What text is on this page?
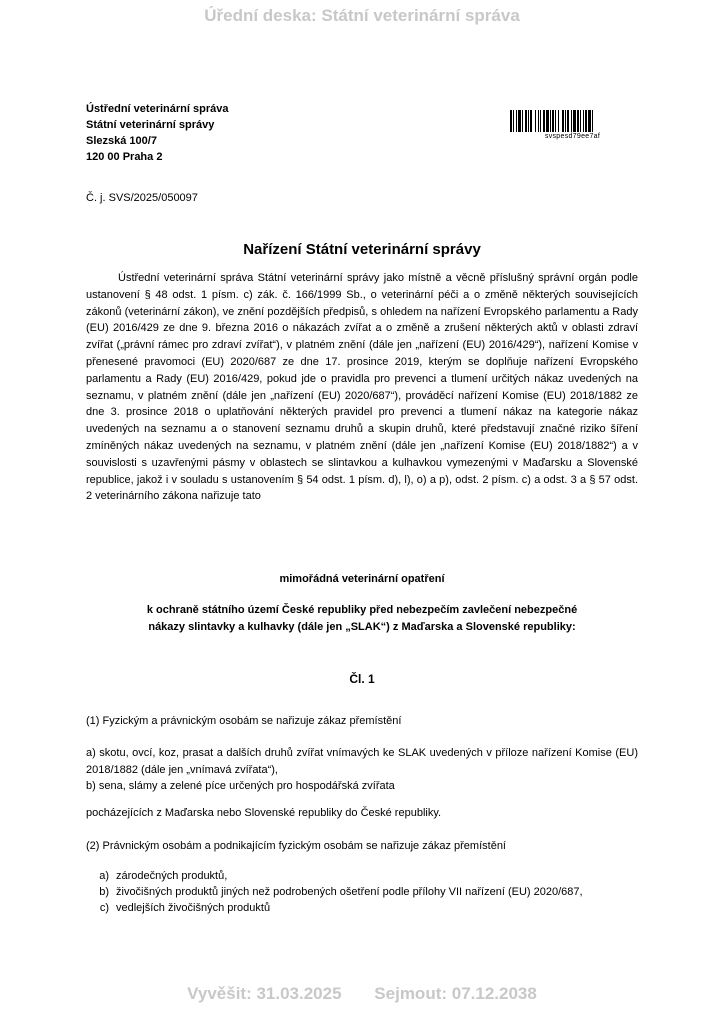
Úřední deska: Státní veterinární správa
Ústřední veterinární správa
Státní veterinární správy
Slezská 100/7
120 00 Praha 2
svspesd79ee7af
Č. j. SVS/2025/050097
Nařízení Státní veterinární správy

Ústřední veterinární správa Státní veterinární správy jako místně a věcně příslušný správní orgán podle ustanovení § 48 odst. 1 písm. c) zák. č. 166/1999 Sb., o veterinární péči a o změně některých souvisejících zákonů (veterinární zákon), ve znění pozdějších předpisů, s ohledem na nařízení Evropského parlamentu a Rady (EU) 2016/429 ze dne 9. března 2016 o nákazách zvířat a o změně a zrušení některých aktů v oblasti zdraví zvířat („právní rámec pro zdraví zvířat“), v platném znění (dále jen „nařízení (EU) 2016/429“), nařízení Komise v přenesené pravomoci (EU) 2020/687 ze dne 17. prosince 2019, kterým se doplňuje nařízení Evropského parlamentu a Rady (EU) 2016/429, pokud jde o pravidla pro prevenci a tlumení určitých nákaz uvedených na seznamu, v platném znění (dále jen „nařízení (EU) 2020/687“), prováděcí nařízení Komise (EU) 2018/1882 ze dne 3. prosince 2018 o uplatňování některých pravidel pro prevenci a tlumení nákaz na kategorie nákaz uvedených na seznamu a o stanovení seznamu druhů a skupin druhů, které představují značné riziko šíření zmíněných nákaz uvedených na seznamu, v platném znění (dále jen „nařízení Komise (EU) 2018/1882“) a v souvislosti s uzavřenými pásmy v oblastech se slintavkou a kulhavkou vymezenými v Maďarsku a Slovenské republice, jakož i v souladu s ustanovením § 54 odst. 1 písm. d), l), o) a p), odst. 2 písm. c) a odst. 3 a § 57 odst. 2 veterinárního zákona nařizuje tato

mimořádná veterinární opatření
k ochraně státního území České republiky před nebezpečím zavlečení nebezpečné
nákazy slintavky a kulhavky (dále jen „SLAK“) z Maďarska a Slovenské republiky:
Čl. 1
(1) Fyzickým a právnickým osobám se nařizuje zákaz přemístění
a) skotu, ovcí, koz, prasat a dalších druhů zvířat vnímavých ke SLAK uvedených v příloze nařízení Komise (EU) 2018/1882 (dále jen „vnímavá zvířata“),
b) sena, slámy a zelené píce určených pro hospodářská zvířata
pocházejících z Maďarska nebo Slovenské republiky do České republiky.
(2) Právnickým osobám a podnikajícím fyzickým osobám se nařizuje zákaz přemístění
a) zárodečných produktů,
b) živočišných produktů jiných než podrobených ošetření podle přílohy VII nařízení (EU) 2020/687,
c) vedlejších živočišných produktů
Vyvěšit: 31.03.2025 Sejmout: 07.12.2038
